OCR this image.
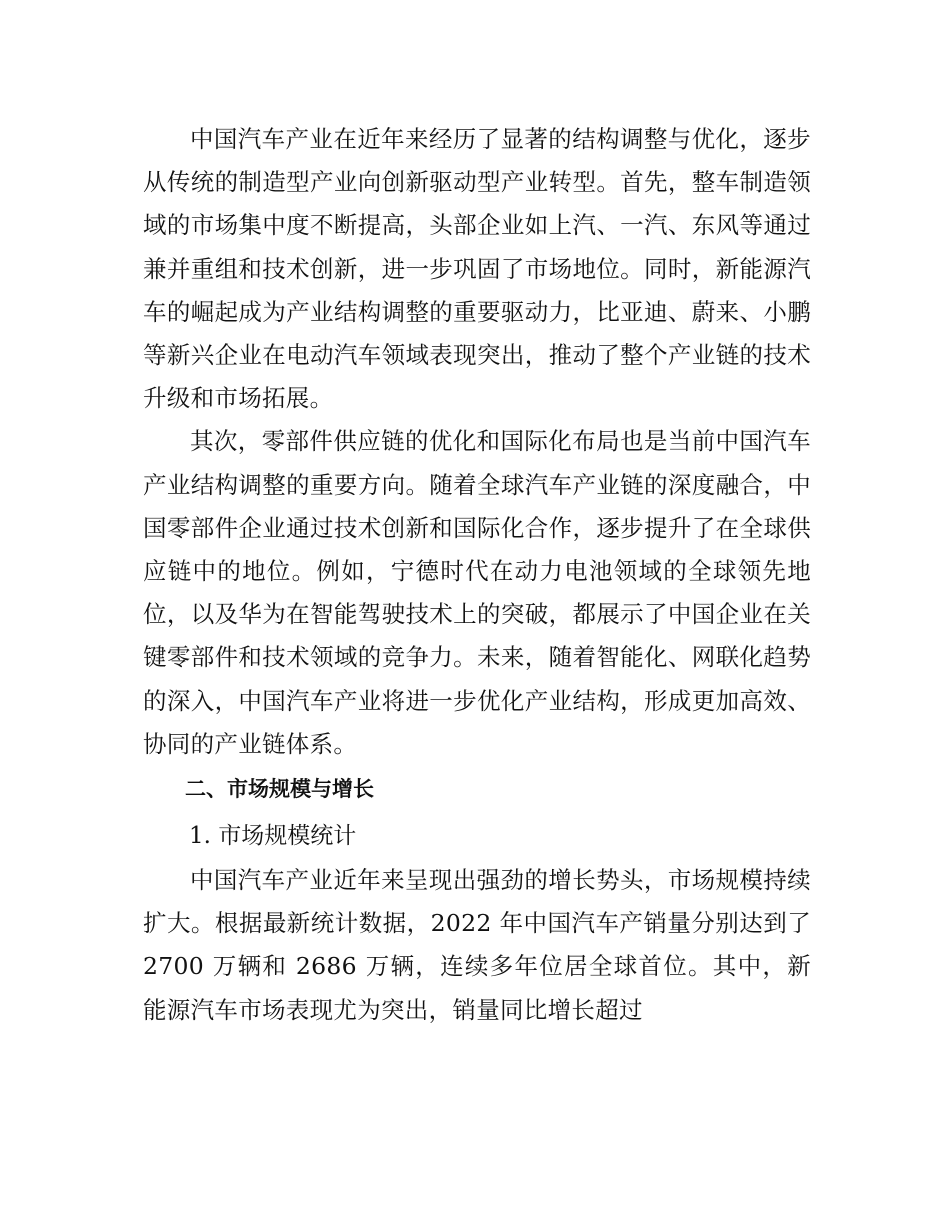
中国汽车产业在近年来经历了显著的结构调整与优化，逐步从传统的制造型产业向创新驱动型产业转型。首先，整车制造领域的市场集中度不断提高，头部企业如上汽、一汽、东风等通过兼并重组和技术创新，进一步巩固了市场地位。同时，新能源汽车的崛起成为产业结构调整的重要驱动力，比亚迪、蔚来、小鹏等新兴企业在电动汽车领域表现突出，推动了整个产业链的技术升级和市场拓展。

其次，零部件供应链的优化和国际化布局也是当前中国汽车产业结构调整的重要方向。随着全球汽车产业链的深度融合，中国零部件企业通过技术创新和国际化合作，逐步提升了在全球供应链中的地位。例如，宁德时代在动力电池领域的全球领先地位，以及华为在智能驾驶技术上的突破，都展示了中国企业在关键零部件和技术领域的竞争力。未来，随着智能化、网联化趋势的深入，中国汽车产业将进一步优化产业结构，形成更加高效、协同的产业链体系。

二、市场规模与增长

1. 市场规模统计

中国汽车产业近年来呈现出强劲的增长势头，市场规模持续扩大。根据最新统计数据，2022 年中国汽车产销量分别达到了 2700 万辆和 2686 万辆，连续多年位居全球首位。其中，新能源汽车市场表现尤为突出，销量同比增长超过
